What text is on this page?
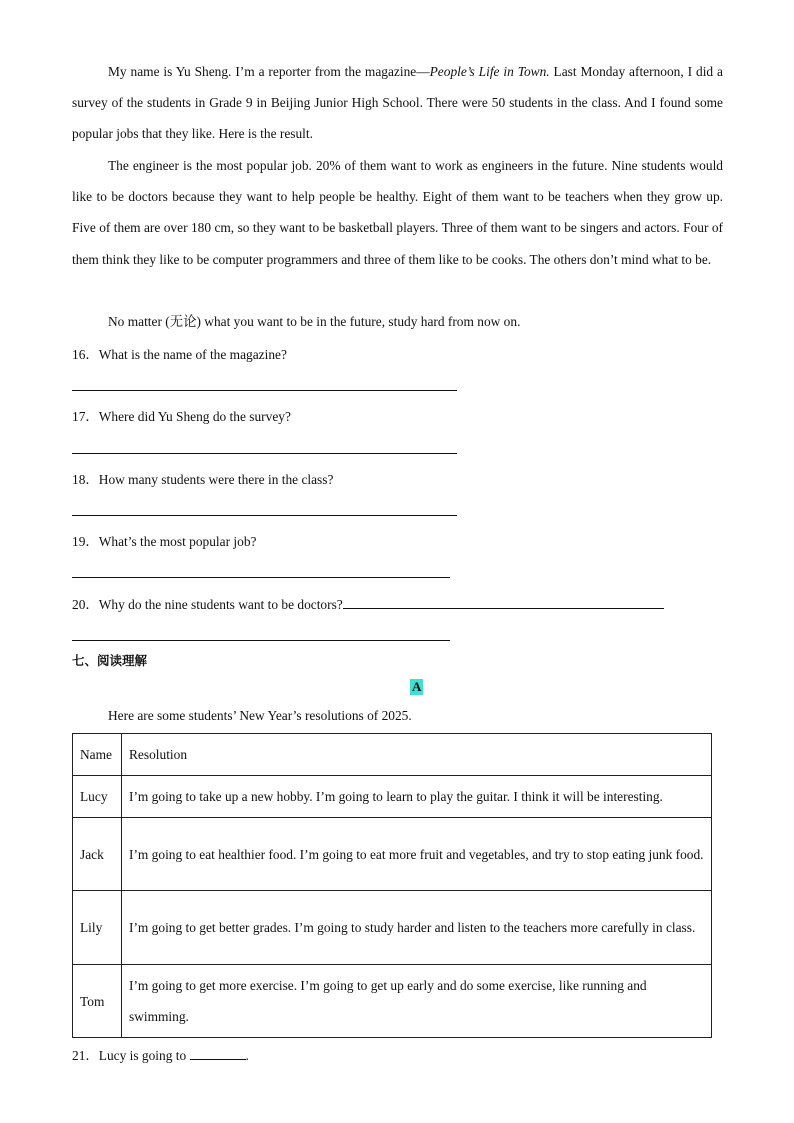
My name is Yu Sheng. I’m a reporter from the magazine—People’s Life in Town. Last Monday afternoon, I did a survey of the students in Grade 9 in Beijing Junior High School. There were 50 students in the class. And I found some popular jobs that they like. Here is the result.
The engineer is the most popular job. 20% of them want to work as engineers in the future. Nine students would like to be doctors because they want to help people be healthy. Eight of them want to be teachers when they grow up. Five of them are over 180 cm, so they want to be basketball players. Three of them want to be singers and actors. Four of them think they like to be computer programmers and three of them like to be cooks. The others don’t mind what to be.
No matter (无论) what you want to be in the future, study hard from now on.
16．What is the name of the magazine?
17．Where did Yu Sheng do the survey?
18．How many students were there in the class?
19．What’s the most popular job?
20．Why do the nine students want to be doctors?
七、阅读理解
A
Here are some students’ New Year’s resolutions of 2025.
Name	Resolution
Lucy	I’m going to take up a new hobby. I’m going to learn to play the guitar. I think it will be interesting.
Jack	I’m going to eat healthier food. I’m going to eat more fruit and vegetables, and try to stop eating junk food.
Lily	I’m going to get better grades. I’m going to study harder and listen to the teachers more carefully in class.
Tom	I’m going to get more exercise. I’m going to get up early and do some exercise, like running and swimming.
21．Lucy is going to	.
